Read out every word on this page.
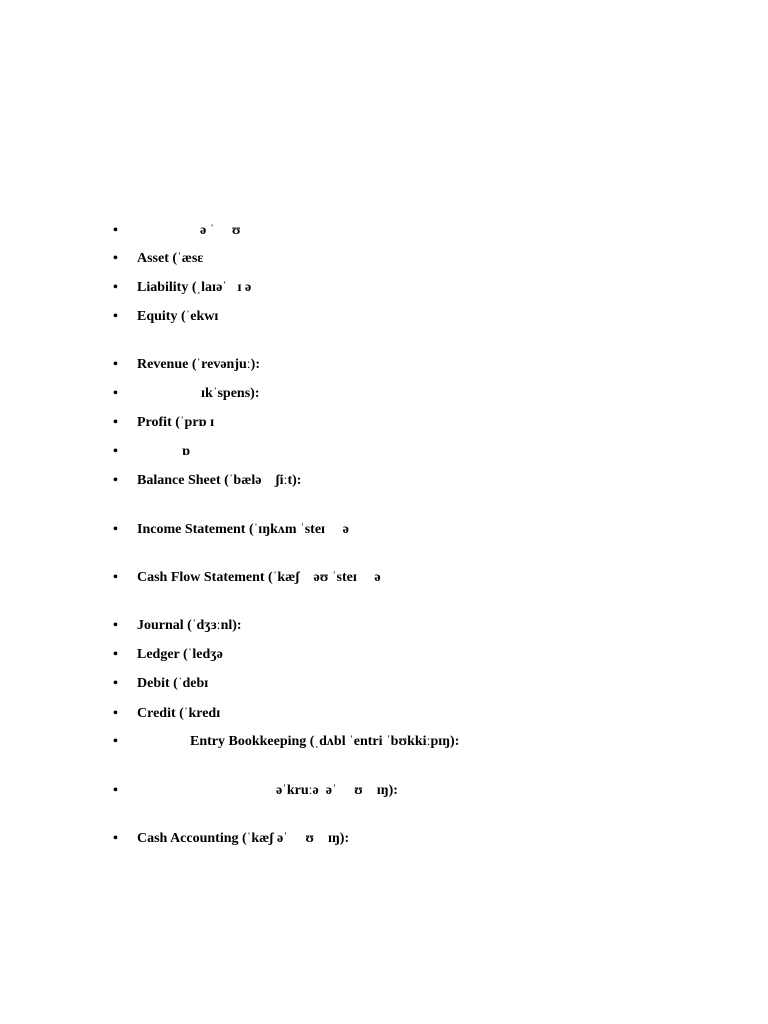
•	ə ˈ     ʊ
• Asset (ˈæsɛ
• Liability (ˌlaɪəˈ   ɪ ə
• Equity (ˈekwɪ
• Revenue (ˈrevənjuː):
•	ɪkˈspens):
• Profit (ˈprɒ ɪ
•	ɒ
• Balance Sheet (ˈbælə    ʃiːt):
• Income Statement (ˈɪŋkʌm ˈsteɪ     ə
• Cash Flow Statement (ˈkæʃ    əʊ ˈsteɪ     ə
• Journal (ˈdʒɜːnl):
• Ledger (ˈledʒə
• Debit (ˈdebɪ
• Credit (ˈkredɪ
•	Entry Bookkeeping (ˌdʌbl ˈentri ˈbʊkkiːpɪŋ):
•	əˈkruːə  əˈ     ʊ    ɪŋ):
• Cash Accounting (ˈkæʃ əˈ     ʊ    ɪŋ):
